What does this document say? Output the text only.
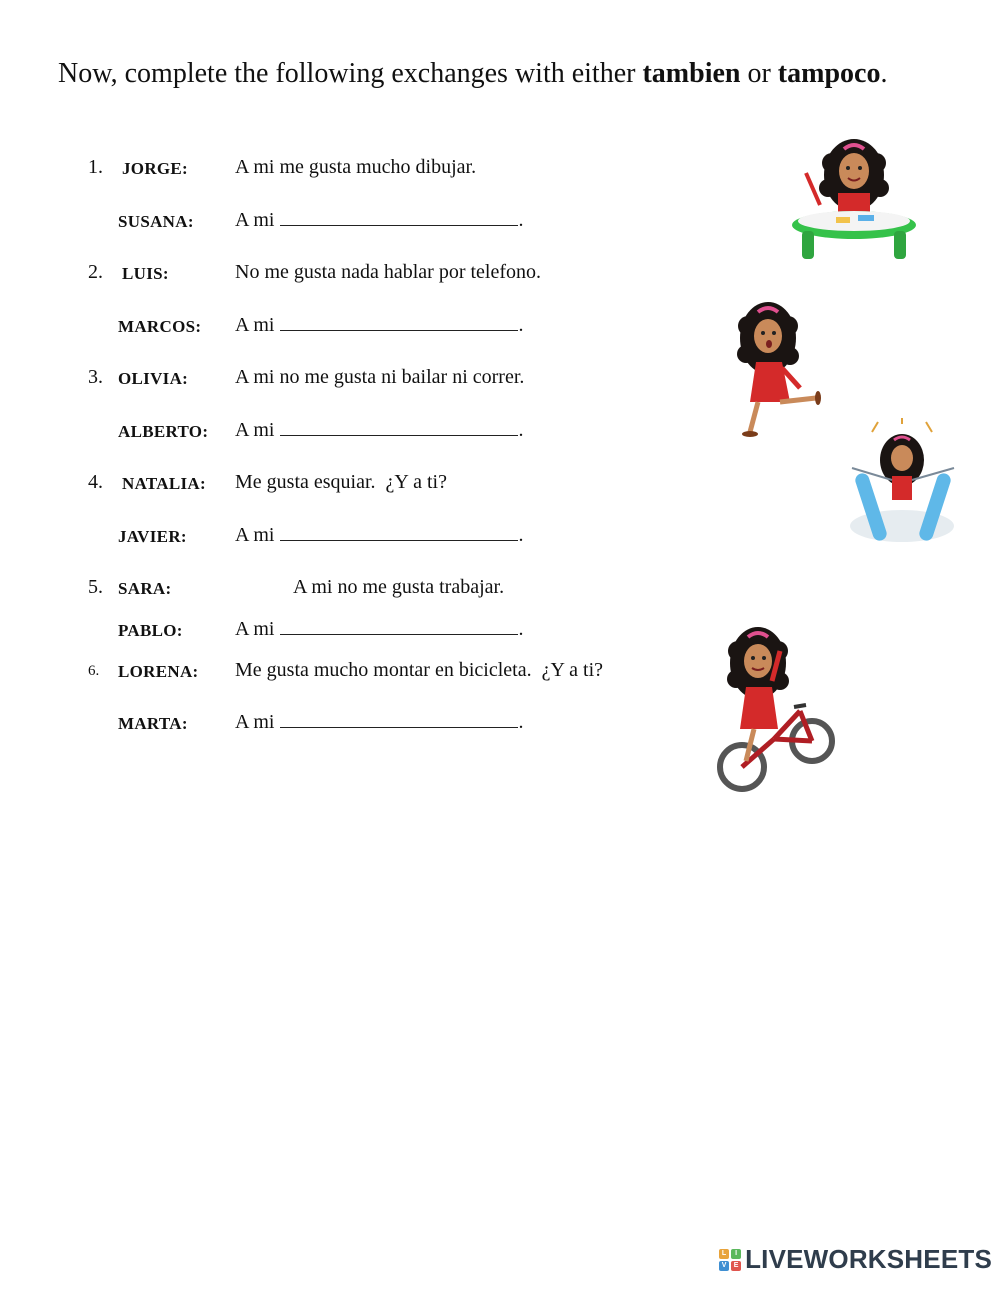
Now, complete the following exchanges with either tambien or tampoco.
1. JORGE: A mi me gusta mucho dibujar.
SUSANA: A mi	.
2. LUIS:	No me gusta nada hablar por telefono.
MARCOS: A mi	.
3. OLIVIA: A mi no me gusta ni bailar ni correr.
ALBERTO: A mi	.
4. NATALIA: Me gusta esquiar.  ¿Y a ti?
JAVIER: A mi	.
5. SARA:	A mi no me gusta trabajar.
PABLO:	A mi	.
6. LORENA: Me gusta mucho montar en bicicleta.  ¿Y a ti?
MARTA: A mi	.
L	I
V	E LIVEWORKSHEETS
